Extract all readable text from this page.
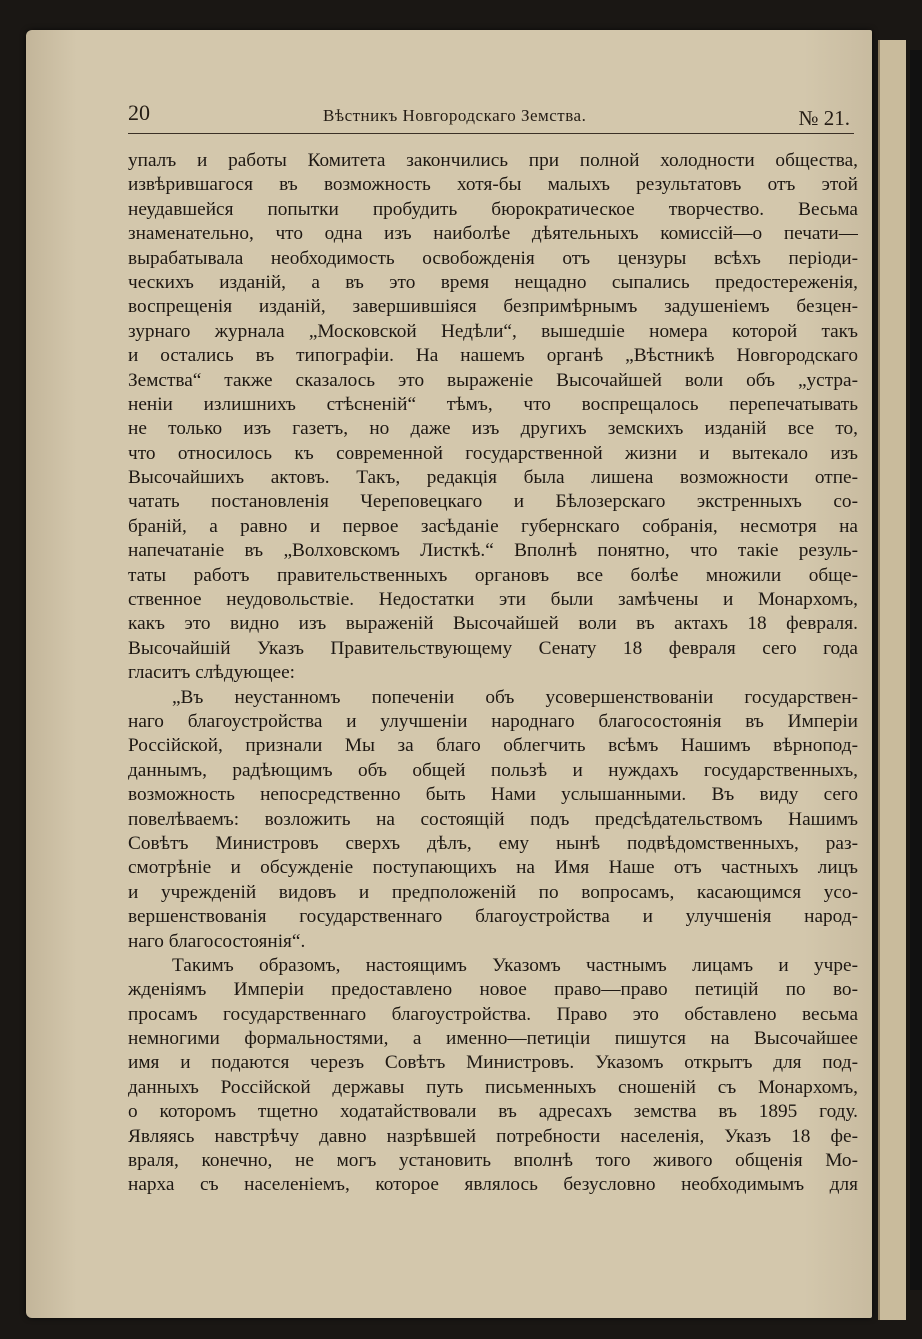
20	Вѣстникъ Новгородскаго Земства.	№ 21.
упалъ и работы Комитета закончились при полной холодности общества,
извѣрившагося въ возможность хотя-бы малыхъ результатовъ отъ этой
неудавшейся попытки пробудить бюрократическое творчество. Весьма
знаменательно, что одна изъ наиболѣе дѣятельныхъ комиссій—о печати—
вырабатывала необходимость освобожденія отъ цензуры всѣхъ періоди-
ческихъ изданій, а въ это время нещадно сыпались предостереженія,
воспрещенія изданій, завершившіяся безпримѣрнымъ задушеніемъ безцен-
зурнаго журнала „Московской Недѣли“, вышедшіе номера которой такъ
и остались въ типографіи. На нашемъ органѣ „Вѣстникѣ Новгородскаго
Земства“ также сказалось это выраженіе Высочайшей воли объ „устра-
неніи излишнихъ стѣсненій“ тѣмъ, что воспрещалось перепечатывать
не только изъ газетъ, но даже изъ другихъ земскихъ изданій все то,
что относилось къ современной государственной жизни и вытекало изъ
Высочайшихъ актовъ. Такъ, редакція была лишена возможности отпе-
чатать постановленія Череповецкаго и Бѣлозерскаго экстренныхъ со-
браній, а равно и первое засѣданіе губернскаго собранія, несмотря на
напечатаніе въ „Волховскомъ Листкѣ.“ Вполнѣ понятно, что такіе резуль-
таты работъ правительственныхъ органовъ все болѣе множили обще-
ственное неудовольствіе. Недостатки эти были замѣчены и Монархомъ,
какъ это видно изъ выраженій Высочайшей воли въ актахъ 18 февраля.
Высочайшій Указъ Правительствующему Сенату 18 февраля сего года
гласитъ слѣдующее:
„Въ неустанномъ попеченіи объ усовершенствованіи государствен-
наго благоустройства и улучшеніи народнаго благосостоянія въ Имперіи
Россійской, признали Мы за благо облегчить всѣмъ Нашимъ вѣрнопод-
даннымъ, радѣющимъ объ общей пользѣ и нуждахъ государственныхъ,
возможность непосредственно быть Нами услышанными. Въ виду сего
повелѣваемъ: возложить на состоящій подъ предсѣдательствомъ Нашимъ
Совѣтъ Министровъ сверхъ дѣлъ, ему нынѣ подвѣдомственныхъ, раз-
смотрѣніе и обсужденіе поступающихъ на Имя Наше отъ частныхъ лицъ
и учрежденій видовъ и предположеній по вопросамъ, касающимся усо-
вершенствованія государственнаго благоустройства и улучшенія народ-
наго благосостоянія“.
Такимъ образомъ, настоящимъ Указомъ частнымъ лицамъ и учре-
жденіямъ Имперіи предоставлено новое право—право петицій по во-
просамъ государственнаго благоустройства. Право это обставлено весьма
немногими формальностями, а именно—петиціи пишутся на Высочайшее
имя и подаются черезъ Совѣтъ Министровъ. Указомъ открытъ для под-
данныхъ Россійской державы путь письменныхъ сношеній съ Монархомъ,
о которомъ тщетно ходатайствовали въ адресахъ земства въ 1895 году.
Являясь навстрѣчу давно назрѣвшей потребности населенія, Указъ 18 фе-
враля, конечно, не могъ установить вполнѣ того живого общенія Мо-
нарха съ населеніемъ, которое являлось безусловно необходимымъ для
